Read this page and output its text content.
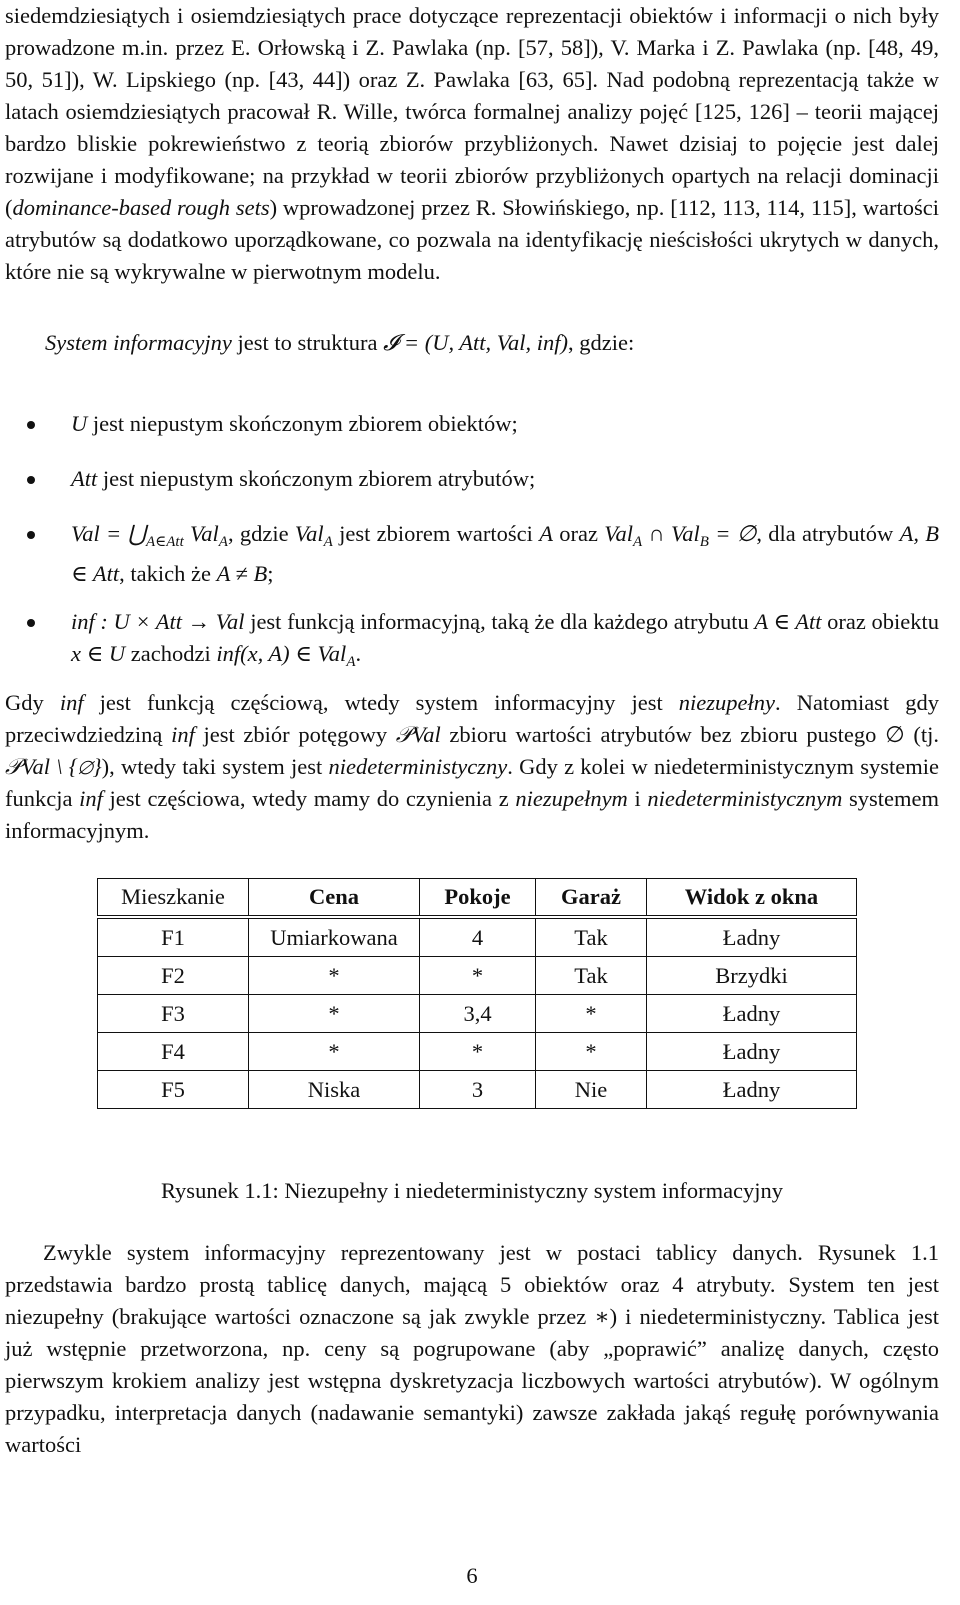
siedemdziesiątych i osiemdziesiątych prace dotyczące reprezentacji obiektów i informacji o nich były prowadzone m.in. przez E. Orłowską i Z. Pawlaka (np. [57, 58]), V. Marka i Z. Pawlaka (np. [48, 49, 50, 51]), W. Lipskiego (np. [43, 44]) oraz Z. Pawlaka [63, 65]. Nad podobną reprezentacją także w latach osiemdziesiątych pracował R. Wille, twórca formalnej analizy pojęć [125, 126] – teorii mającej bardzo bliskie pokrewieństwo z teorią zbiorów przybliżonych. Nawet dzisiaj to pojęcie jest dalej rozwijane i modyfikowane; na przykład w teorii zbiorów przybliżonych opartych na relacji dominacji (dominance-based rough sets) wprowadzonej przez R. Słowińskiego, np. [112, 113, 114, 115], wartości atrybutów są dodatkowo uporządkowane, co pozwala na identyfikację nieścisłości ukrytych w danych, które nie są wykrywalne w pierwotnym modelu.

System informacyjny jest to struktura 𝓘 = (U, Att, Val, inf), gdzie:

U jest niepustym skończonym zbiorem obiektów;
Att jest niepustym skończonym zbiorem atrybutów;
Val = $⋃_{A\in Att}$ Val$_A$, gdzie Val$_A$ jest zbiorem wartości A oraz Val$_A$ ∩ Val$_B$ = ∅, dla atrybutów A, B ∈ Att, takich że A ≠ B;
inf : U × Att → Val jest funkcją informacyjną, taką że dla każdego atrybutu A ∈ Att oraz obiektu x ∈ U zachodzi inf(x, A) ∈ Val$_A$.

Gdy inf jest funkcją częściową, wtedy system informacyjny jest niezupełny. Natomiast gdy przeciwdziedziną inf jest zbiór potęgowy 𝒫Val zbioru wartości atrybutów bez zbioru pustego ∅ (tj. 𝒫Val \ {∅}), wtedy taki system jest niedeterministyczny. Gdy z kolei w niedeterministycznym systemie funkcja inf jest częściowa, wtedy mamy do czynienia z niezupełnym i niedeterministycznym systemem informacyjnym.

Mieszkanie	Cena	Pokoje	Garaż	Widok z okna
F1	Umiarkowana	4	Tak	Ładny
F2	*	*	Tak	Brzydki
F3	*	3,4	*	Ładny
F4	*	*	*	Ładny
F5	Niska	3	Nie	Ładny
Rysunek 1.1: Niezupełny i niedeterministyczny system informacyjny

Zwykle system informacyjny reprezentowany jest w postaci tablicy danych. Rysunek 1.1 przedstawia bardzo prostą tablicę danych, mającą 5 obiektów oraz 4 atrybuty. System ten jest niezupełny (brakujące wartości oznaczone są jak zwykle przez ∗) i niedeterministyczny. Tablica jest już wstępnie przetworzona, np. ceny są pogrupowane (aby „poprawić” analizę danych, często pierwszym krokiem analizy jest wstępna dyskretyzacja liczbowych wartości atrybutów). W ogólnym przypadku, interpretacja danych (nadawanie semantyki) zawsze zakłada jakąś regułę porównywania wartości

6
